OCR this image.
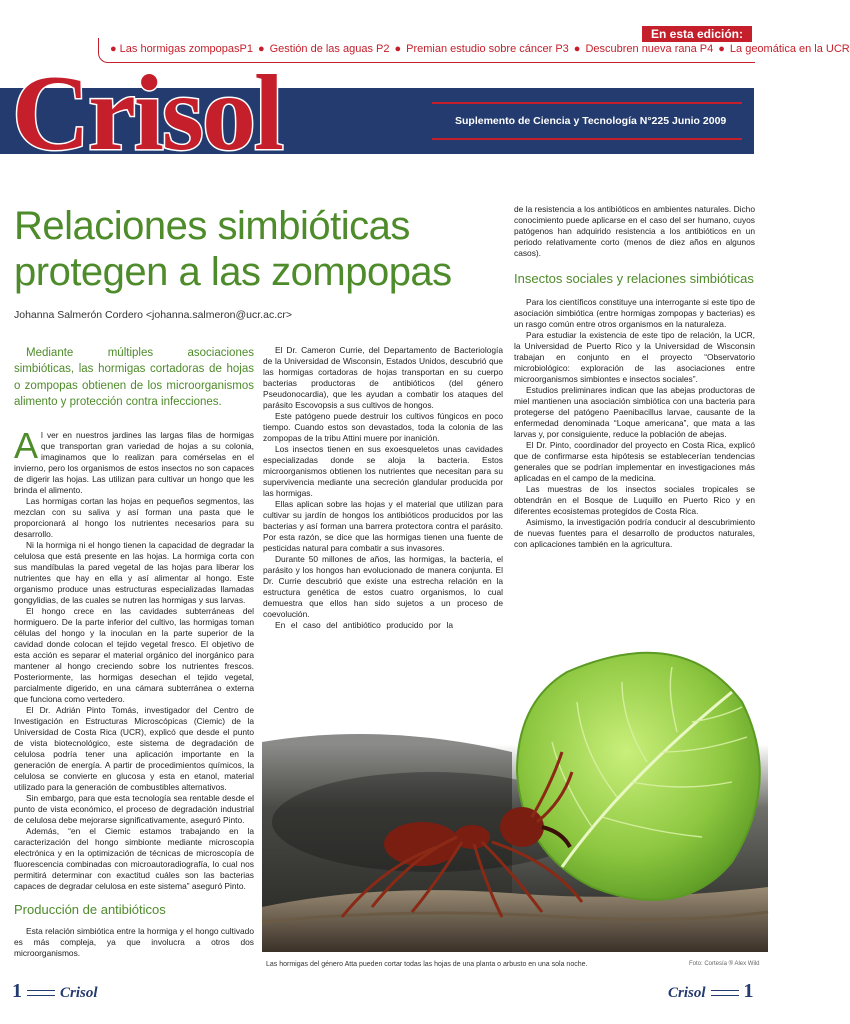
En esta edición:
● Las hormigas zompopasP1 ● Gestión de las aguas P2 ● Premian estudio sobre cáncer P3 ● Descubren nueva rana P4 ● La geomática en la UCR
Crisol	Suplemento de Ciencia y Tecnología N°225 Junio 2009
Relaciones simbióticas
protegen a las zompopas
Johanna Salmerón Cordero <johanna.salmeron@ucr.ac.cr>
Mediante múltiples asociaciones simbióticas, las hormigas cortadoras de hojas o zompopas obtienen de los microorganismos alimento y protección contra infecciones.

Al ver en nuestros jardines las largas filas de hormigas que transportan gran variedad de hojas a su colonia, imaginamos que lo realizan para comérselas en el invierno, pero los organismos de estos insectos no son capaces de digerir las hojas. Las utilizan para cultivar un hongo que les brinda el alimento.

Las hormigas cortan las hojas en pequeños segmentos, las mezclan con su saliva y así forman una pasta que le proporcionará al hongo los nutrientes necesarios para su desarrollo.

Ni la hormiga ni el hongo tienen la capacidad de degradar la celulosa que está presente en las hojas. La hormiga corta con sus mandíbulas la pared vegetal de las hojas para liberar los nutrientes que hay en ella y así alimentar al hongo. Este organismo produce unas estructuras especializadas llamadas gongylidias, de las cuales se nutren las hormigas y sus larvas.

El hongo crece en las cavidades subterráneas del hormiguero. De la parte inferior del cultivo, las hormigas toman células del hongo y la inoculan en la parte superior de la cavidad donde colocan el tejido vegetal fresco. El objetivo de esta acción es separar el material orgánico del inorgánico para mantener al hongo creciendo sobre los nutrientes frescos. Posteriormente, las hormigas desechan el tejido vegetal, parcialmente digerido, en una cámara subterránea o externa que funciona como vertedero.

El Dr. Adrián Pinto Tomás, investigador del Centro de Investigación en Estructuras Microscópicas (Ciemic) de la Universidad de Costa Rica (UCR), explicó que desde el punto de vista biotecnológico, este sistema de degradación de celulosa podría tener una aplicación importante en la generación de energía. A partir de procedimientos químicos, la celulosa se convierte en glucosa y esta en etanol, material utilizado para la generación de combustibles alternativos.

Sin embargo, para que esta tecnología sea rentable desde el punto de vista económico, el proceso de degradación industrial de celulosa debe mejorarse significativamente, aseguró Pinto.

Además, “en el Ciemic estamos trabajando en la caracterización del hongo simbionte mediante microscopía electrónica y en la optimización de técnicas de microscopía de fluorescencia combinadas con microautoradiografía, lo cual nos permitirá determinar con exactitud cuáles son las bacterias capaces de degradar celulosa en este sistema” aseguró Pinto.

Producción de antibióticos

Esta relación simbiótica entre la hormiga y el hongo cultivado es más compleja, ya que involucra a otros dos microorganismos.

El Dr. Cameron Currie, del Departamento de Bacteriología de la Universidad de Wisconsin, Estados Unidos, descubrió que las hormigas cortadoras de hojas transportan en su cuerpo bacterias productoras de antibióticos (del género Pseudonocardia), que les ayudan a combatir los ataques del parásito Escovopsis a sus cultivos de hongos.

Este patógeno puede destruir los cultivos fúngicos en poco tiempo. Cuando estos son devastados, toda la colonia de las zompopas de la tribu Attini muere por inanición.

Los insectos tienen en sus exoesqueletos unas cavidades especializadas donde se aloja la bacteria. Estos microorganismos obtienen los nutrientes que necesitan para su supervivencia mediante una secreción glandular producida por las hormigas.

Ellas aplican sobre las hojas y el material que utilizan para cultivar su jardín de hongos los antibióticos producidos por las bacterias y así forman una barrera protectora contra el parásito. Por esta razón, se dice que las hormigas tienen una fuente de pesticidas natural para combatir a sus invasores.

Durante 50 millones de años, las hormigas, la bacteria, el parásito y los hongos han evolucionado de manera conjunta. El Dr. Currie descubrió que existe una estrecha relación en la estructura genética de estos cuatro organismos, lo cual demuestra que ellos han sido sujetos a un proceso de coevolución.

En el caso del antibiótico producido por la

de la resistencia a los antibióticos en ambientes naturales. Dicho conocimiento puede aplicarse en el caso del ser humano, cuyos patógenos han adquirido resistencia a los antibióticos en un periodo relativamente corto (menos de diez años en algunos casos).

Insectos sociales y relaciones simbióticas

Para los científicos constituye una interrogante si este tipo de asociación simbiótica (entre hormigas zompopas y bacterias) es un rasgo común entre otros organismos en la naturaleza.

Para estudiar la existencia de este tipo de relación, la UCR, la Universidad de Puerto Rico y la Universidad de Wisconsin trabajan en conjunto en el proyecto “Observatorio microbiológico: exploración de las asociaciones entre microorganismos simbiontes e insectos sociales”.

Estudios preliminares indican que las abejas productoras de miel mantienen una asociación simbiótica con una bacteria para protegerse del patógeno Paenibacillus larvae, causante de la enfermedad denominada “Loque americana”, que mata a las larvas y, por consiguiente, reduce la población de abejas.

El Dr. Pinto, coordinador del proyecto en Costa Rica, explicó que de confirmarse esta hipótesis se establecerían tendencias generales que se podrían implementar en investigaciones más aplicadas en el campo de la medicina.

Las muestras de los insectos sociales tropicales se obtendrán en el Bosque de Luquillo en Puerto Rico y en diferentes ecosistemas protegidos de Costa Rica.

Asimismo, la investigación podría conducir al descubrimiento de nuevas fuentes para el desarrollo de productos naturales, con aplicaciones también en la agricultura.

Las hormigas del género Atta pueden cortar todas las hojas de una planta o arbusto en una sola noche.	Foto: Cortesía ® Alex Wild
1	Crisol	Crisol 1
